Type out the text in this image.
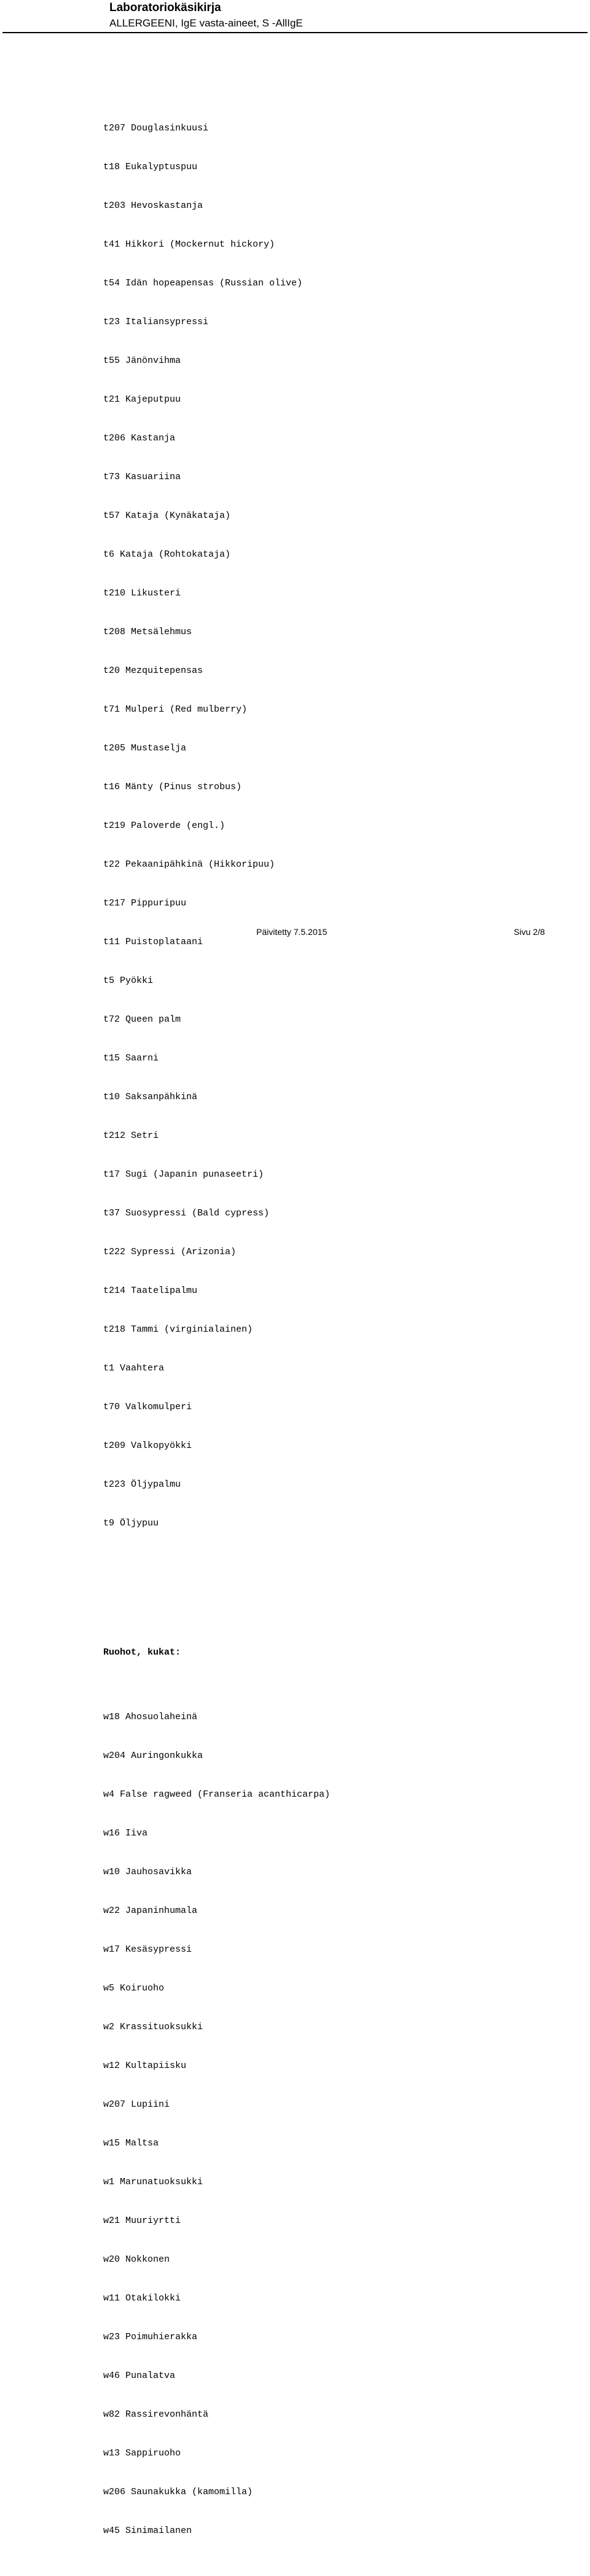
Laboratoriokäsikirja
ALLERGEENI, IgE vasta-aineet, S -AllIgE

t207 Douglasinkuusi

t18 Eukalyptuspuu

t203 Hevoskastanja

t41 Hikkori (Mockernut hickory)

t54 Idän hopeapensas (Russian olive)

t23 Italiansypressi

t55 Jänönvihma

t21 Kajeputpuu

t206 Kastanja

t73 Kasuariina

t57 Kataja (Kynäkataja)

t6 Kataja (Rohtokataja)

t210 Likusteri

t208 Metsälehmus

t20 Mezquitepensas

t71 Mulperi (Red mulberry)

t205 Mustaselja

t16 Mänty (Pinus strobus)

t219 Paloverde (engl.)

t22 Pekaanipähkinä (Hikkoripuu)

t217 Pippuripuu

t11 Puistoplataani

t5 Pyökki

t72 Queen palm

t15 Saarni

t10 Saksanpähkinä

t212 Setri

t17 Sugi (Japanin punaseetri)

t37 Suosypressi (Bald cypress)

t222 Sypressi (Arizonia)

t214 Taatelipalmu

t218 Tammi (virginialainen)

t1 Vaahtera

t70 Valkomulperi

t209 Valkopyökki

t223 Öljypalmu

t9 Öljypuu

Ruohot, kukat:

w18 Ahosuolaheinä

w204 Auringonkukka

w4 False ragweed (Franseria acanthicarpa)

w16 Iiva

w10 Jauhosavikka

w22 Japaninhumala

w17 Kesäsypressi

w5 Koiruoho

w2 Krassituoksukki

w12 Kultapiisku

w207 Lupiini

w15 Maltsa

w1 Marunatuoksukki

w21 Muuriyrtti

w20 Nokkonen

w11 Otakilokki

w23 Poimuhierakka

w46 Punalatva

w82 Rassirevonhäntä

w13 Sappiruoho

w206 Saunakukka (kamomilla)

w45 Sinimailanen

Päivitetty 7.5.2015	Sivu 2/8
